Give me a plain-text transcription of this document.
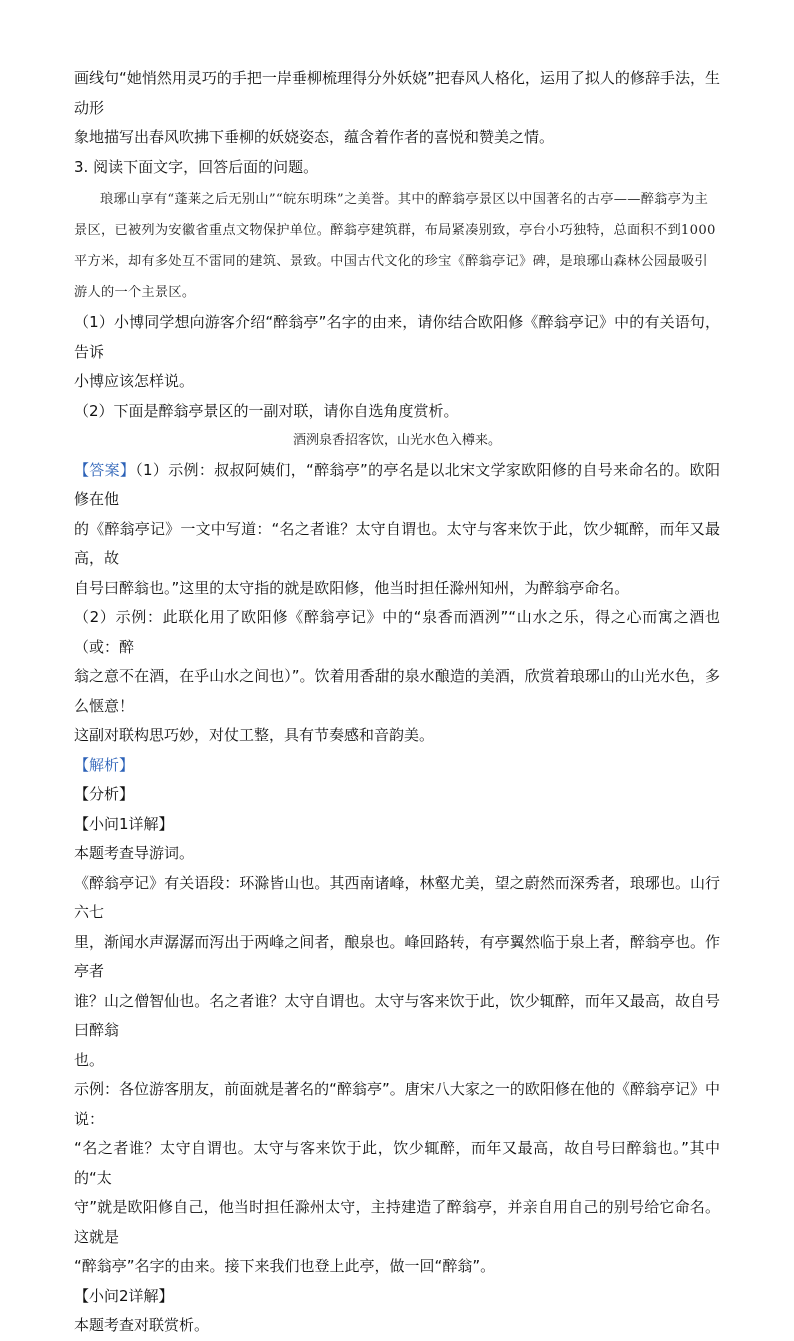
画线句“她悄然用灵巧的手把一岸垂柳梳理得分外妖娆”把春风人格化，运用了拟人的修辞手法，生动形

象地描写出春风吹拂下垂柳的妖娆姿态，蕴含着作者的喜悦和赞美之情。

3. 阅读下面文字，回答后面的问题。

琅琊山享有“蓬莱之后无别山”“皖东明珠”之美誉。其中的醉翁亭景区以中国著名的古亭——醉翁亭为主景区，已被列为安徽省重点文物保护单位。醉翁亭建筑群，布局紧凑别致，亭台小巧独特，总面积不到1000平方米，却有多处互不雷同的建筑、景致。中国古代文化的珍宝《醉翁亭记》碑，是琅琊山森林公园最吸引游人的一个主景区。

（1）小博同学想向游客介绍“醉翁亭”名字的由来，请你结合欧阳修《醉翁亭记》中的有关语句，告诉

小博应该怎样说。

（2）下面是醉翁亭景区的一副对联，请你自选角度赏析。

酒洌泉香招客饮，山光水色入樽来。

【答案】（1）示例：叔叔阿姨们，“醉翁亭”的亭名是以北宋文学家欧阳修的自号来命名的。欧阳修在他

的《醉翁亭记》一文中写道：“名之者谁？太守自谓也。太守与客来饮于此，饮少辄醉，而年又最高，故

自号曰醉翁也。”这里的太守指的就是欧阳修，他当时担任滁州知州，为醉翁亭命名。

（2）示例：此联化用了欧阳修《醉翁亭记》中的“泉香而酒洌”“山水之乐，得之心而寓之酒也（或：醉

翁之意不在酒，在乎山水之间也）”。饮着用香甜的泉水酿造的美酒，欣赏着琅琊山的山光水色，多么惬意！

这副对联构思巧妙，对仗工整，具有节奏感和音韵美。

【解析】

【分析】

【小问1详解】

本题考查导游词。

《醉翁亭记》有关语段：环滁皆山也。其西南诸峰，林壑尤美，望之蔚然而深秀者，琅琊也。山行六七

里，渐闻水声潺潺而泻出于两峰之间者，酿泉也。峰回路转，有亭翼然临于泉上者，醉翁亭也。作亭者

谁？山之僧智仙也。名之者谁？太守自谓也。太守与客来饮于此，饮少辄醉，而年又最高，故自号曰醉翁

也。

示例：各位游客朋友，前面就是著名的“醉翁亭”。唐宋八大家之一的欧阳修在他的《醉翁亭记》中说：

“名之者谁？太守自谓也。太守与客来饮于此，饮少辄醉，而年又最高，故自号曰醉翁也。”其中的“太

守”就是欧阳修自己，他当时担任滁州太守，主持建造了醉翁亭，并亲自用自己的别号给它命名。这就是

“醉翁亭”名字的由来。接下来我们也登上此亭，做一回“醉翁”。

【小问2详解】

本题考查对联赏析。
